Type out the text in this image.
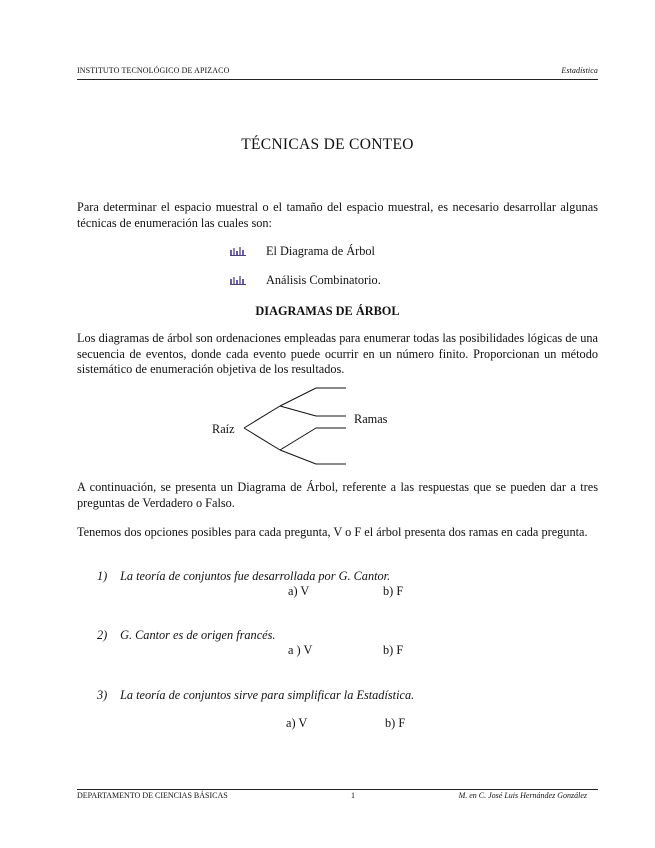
INSTITUTO TECNOLÓGICO DE APIZACO	Estadística
TÉCNICAS DE CONTEO

Para determinar el espacio muestral o el tamaño del espacio muestral, es necesario desarrollar algunas técnicas de enumeración las cuales son:

El Diagrama de Árbol
Análisis Combinatorio.
DIAGRAMAS DE ÁRBOL

Los diagramas de árbol son ordenaciones empleadas para enumerar todas las posibilidades lógicas de una secuencia de eventos, donde cada evento puede ocurrir en un número finito. Proporcionan un método sistemático de enumeración objetiva de los resultados.

Raíz
Ramas

A continuación, se presenta un Diagrama de Árbol, referente a las respuestas que se pueden dar a tres preguntas de Verdadero o Falso.

Tenemos dos opciones posibles para cada pregunta, V o F el árbol presenta dos ramas en cada pregunta.

1) La teoría de conjuntos fue desarrollada por G. Cantor.
a) V	b) F
2) G. Cantor es de origen francés.
a ) V	b) F
3) La teoría de conjuntos sirve para simplificar la Estadística.
a) V	b) F
DEPARTAMENTO DE CIENCIAS BÁSICAS	1	M. en C. José Luis Hernández González
